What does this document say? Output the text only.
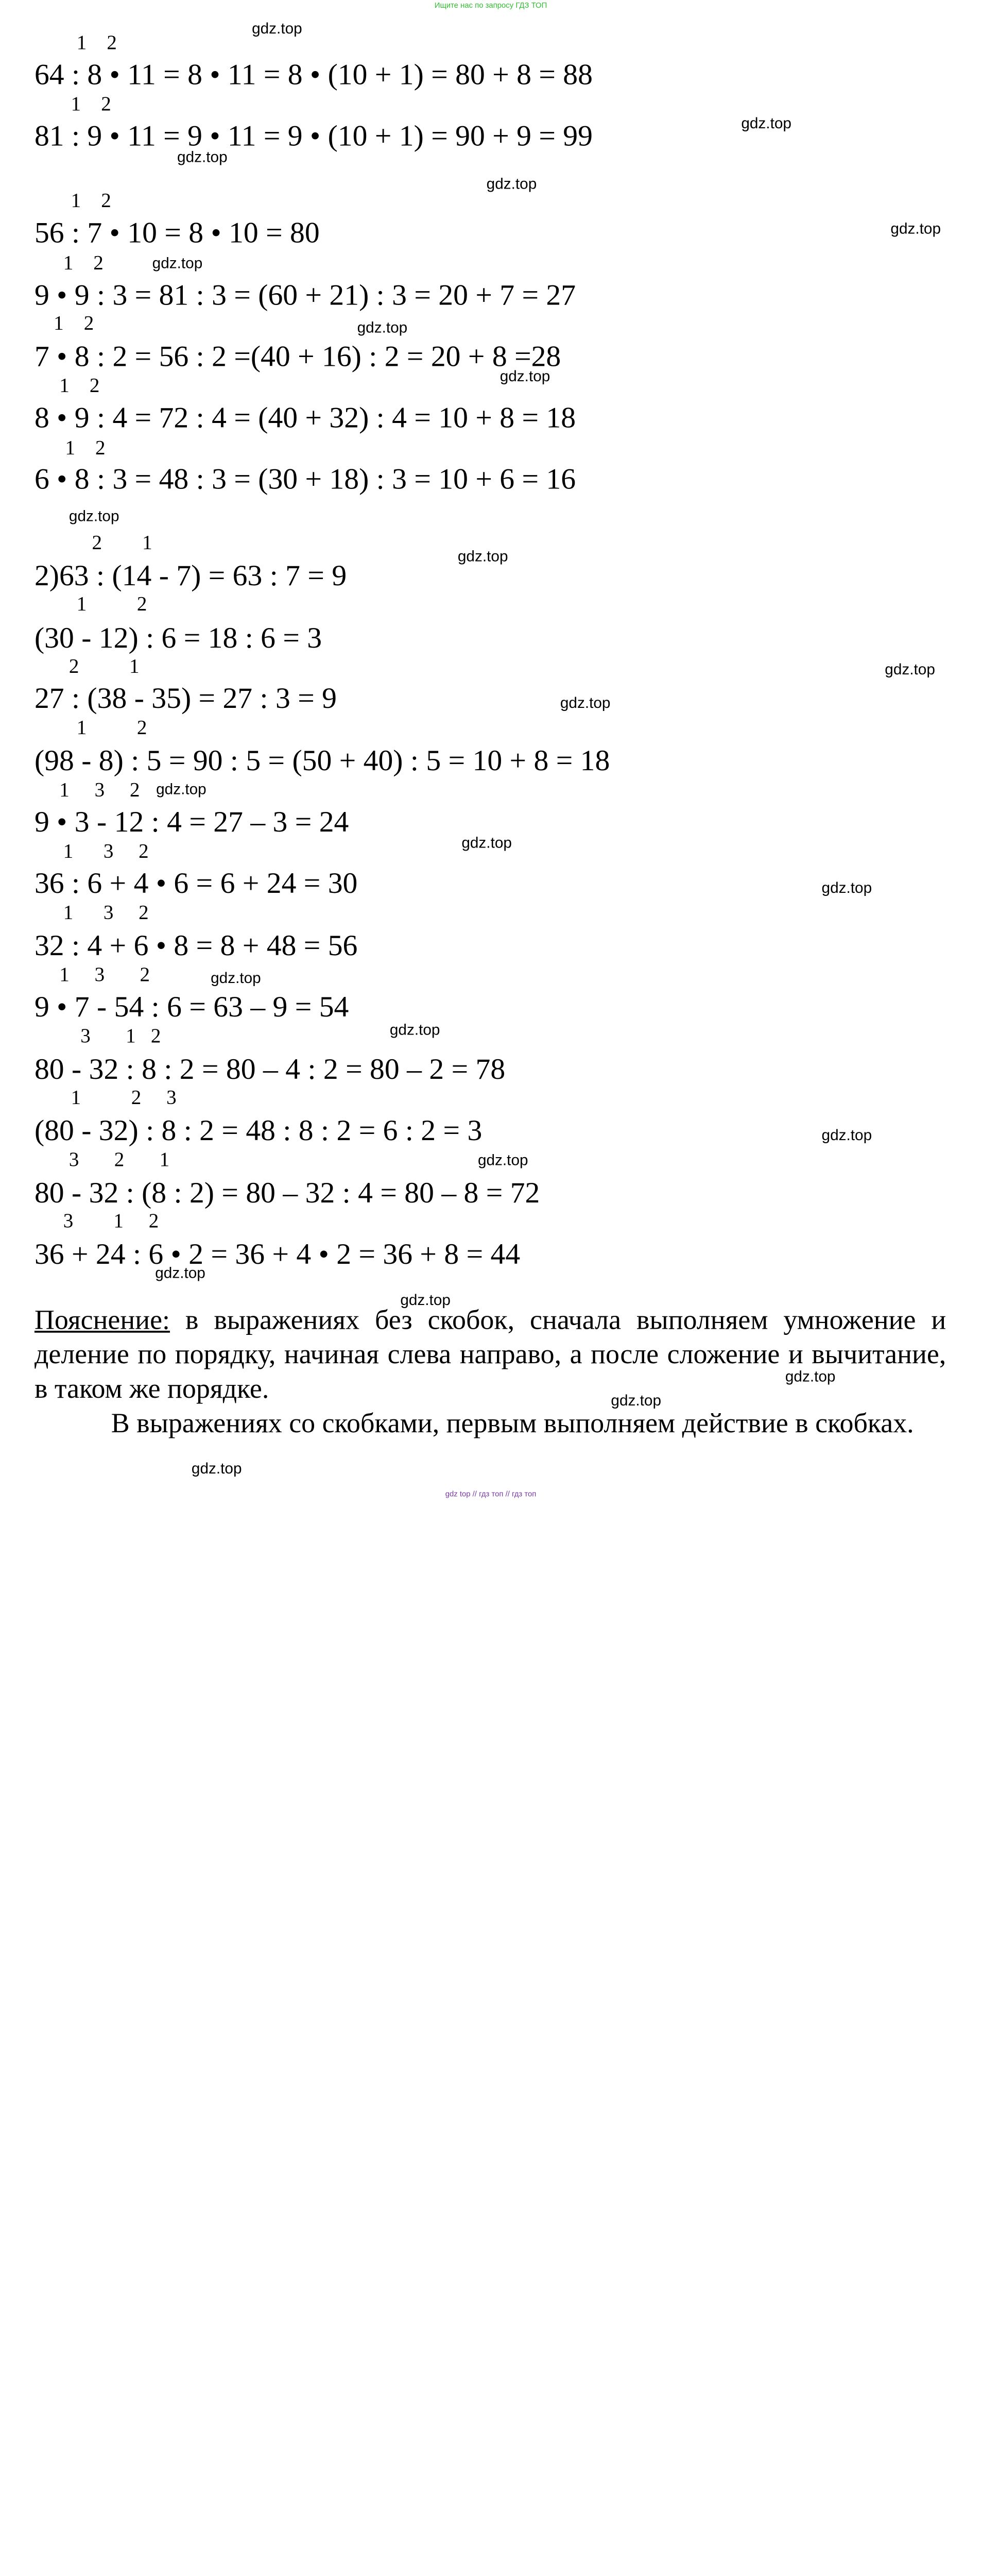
Ищите нас по запросу ГДЗ ТОП
1    2
64 : 8 • 11 = 8 • 11 = 8 • (10 + 1) = 80 + 8 = 88
1    2
81 : 9 • 11 = 9 • 11 = 9 • (10 + 1) = 90 + 9 = 99
1    2
56 : 7 • 10 = 8 • 10 = 80
1    2
9 • 9 : 3 = 81 : 3 = (60 + 21) : 3 = 20 + 7 = 27
1    2
7 • 8 : 2 = 56 : 2 =(40 + 16) : 2 = 20 + 8 =28
1    2
8 • 9 : 4 = 72 : 4 = (40 + 32) : 4 = 10 + 8 = 18
1    2
6 • 8 : 3 = 48 : 3 = (30 + 18) : 3 = 10 + 6 = 16
2        1
2)63 : (14 - 7) = 63 : 7 = 9
1          2
(30 - 12) : 6 = 18 : 6 = 3
2          1
27 : (38 - 35) = 27 : 3 = 9
1          2
(98 - 8) : 5 = 90 : 5 = (50 + 40) : 5 = 10 + 8 = 18
1     3     2
9 • 3 - 12 : 4 = 27 – 3 = 24
1      3     2
36 : 6 + 4 • 6 = 6 + 24 = 30
1      3     2
32 : 4 + 6 • 8 = 8 + 48 = 56
1     3       2
9 • 7 - 54 : 6 = 63 – 9 = 54
3       1   2
80 - 32 : 8 : 2 = 80 – 4 : 2 = 80 – 2 = 78
1          2     3
(80 - 32) : 8 : 2 = 48 : 8 : 2 = 6 : 2 = 3
3       2       1
80 - 32 : (8 : 2) = 80 – 32 : 4 = 80 – 8 = 72
3        1     2
36 + 24 : 6 • 2 = 36 + 4 • 2 = 36 + 8 = 44

Пояснение: в выражениях без скобок, сначала выполняем умножение и деление по порядку, начиная слева направо, а после сложение и вычитание, в таком же порядке.

В выражениях со скобками, первым выполняем действие в скобках.

gdz.top
gdz.top
gdz.top
gdz.top
gdz.top
gdz.top
gdz.top
gdz.top
gdz.top
gdz.top
gdz.top
gdz.top
gdz.top
gdz.top
gdz.top
gdz.top
gdz.top
gdz.top
gdz.top
gdz.top
gdz.top
gdz.top
gdz.top
gdz.top
gdz top // гдз топ // гдз топ
